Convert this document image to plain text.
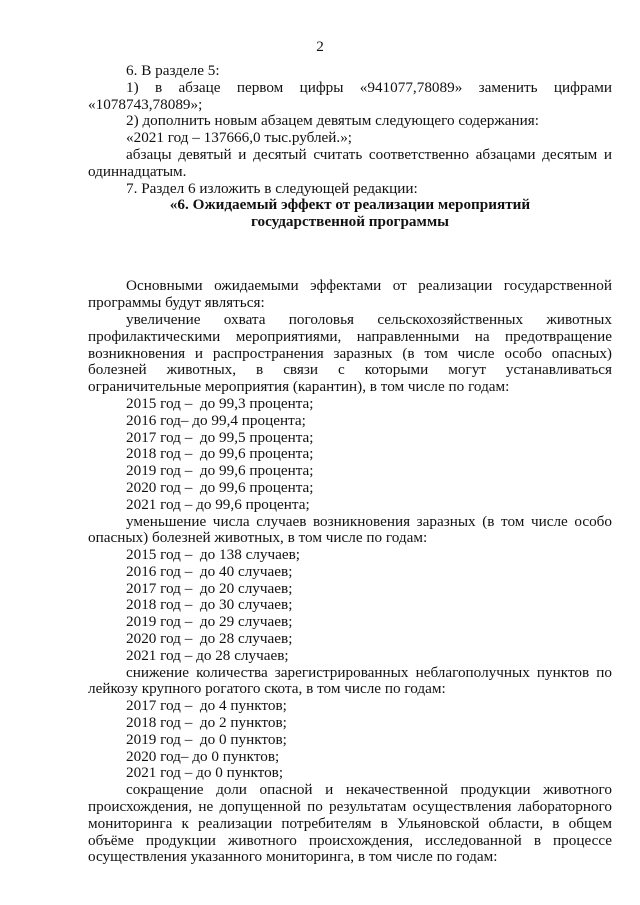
2

6. В разделе 5:

1) в абзаце первом цифры «941077,78089» заменить цифрами «1078743,78089»;

2) дополнить новым абзацем девятым следующего содержания:

«2021 год – 137666,0 тыс.рублей.»;

абзацы девятый и десятый считать соответственно абзацами десятым и одиннадцатым.

7. Раздел 6 изложить в следующей редакции:

«6. Ожидаемый эффект от реализации мероприятий

государственной программы

Основными ожидаемыми эффектами от реализации государственной программы будут являться:

увеличение охвата поголовья сельскохозяйственных животных профилактическими мероприятиями, направленными на предотвращение возникновения и распространения заразных (в том числе особо опасных) болезней животных, в связи с которыми могут устанавливаться ограничительные мероприятия (карантин), в том числе по годам:

2015 год –  до 99,3 процента;

2016 год– до 99,4 процента;

2017 год –  до 99,5 процента;

2018 год –  до 99,6 процента;

2019 год –  до 99,6 процента;

2020 год –  до 99,6 процента;

2021 год – до 99,6 процента;

уменьшение числа случаев возникновения заразных (в том числе особо опасных) болезней животных, в том числе по годам:

2015 год –  до 138 случаев;

2016 год –  до 40 случаев;

2017 год –  до 20 случаев;

2018 год –  до 30 случаев;

2019 год –  до 29 случаев;

2020 год –  до 28 случаев;

2021 год – до 28 случаев;

снижение количества зарегистрированных неблагополучных пунктов по лейкозу крупного рогатого скота, в том числе по годам:

2017 год –  до 4 пунктов;

2018 год –  до 2 пунктов;

2019 год –  до 0 пунктов;

2020 год– до 0 пунктов;

2021 год – до 0 пунктов;

сокращение доли опасной и некачественной продукции животного происхождения, не допущенной по результатам осуществления лабораторного мониторинга к реализации потребителям в Ульяновской области, в общем объёме продукции животного происхождения, исследованной в процессе осуществления указанного мониторинга, в том числе по годам:
